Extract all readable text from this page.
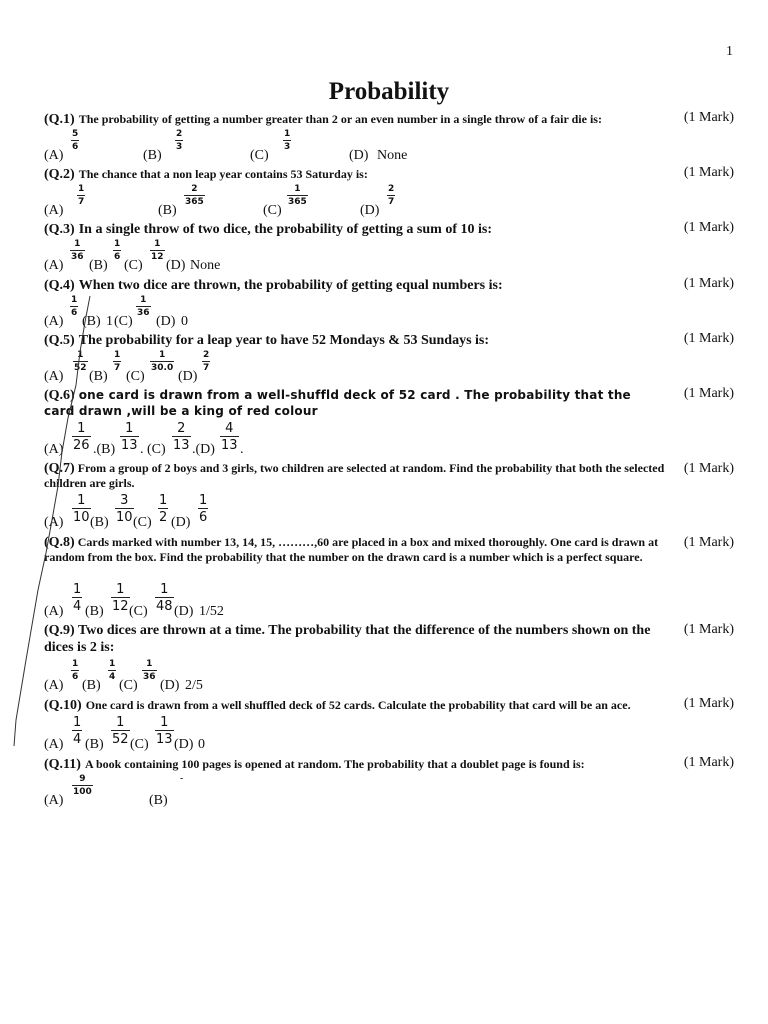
1
Probability
(Q.1) The probability of getting a number greater than 2 or an even number in a single throw of a fair die is:	(1 Mark)
(A)
5
6
(B)
2
3
(C)
1
3
(D) None
(Q.2) The chance that a non leap year contains 53 Saturday is:	(1 Mark)
(A)
1
7
(B)
2
365
(C)
1
365
(D)
2
7
(Q.3) In a single throw of two dice, the probability of getting a sum of 10 is:	(1 Mark)
(A)
1
36
(B)
1
6
(C)
1
12
(D) None
(Q.4) When two dice are thrown, the probability of getting equal numbers is:	(1 Mark)
(A)
1
6
(B) 1 (C)
1
36
(D) 0
(Q.5) The probability for a leap year to have 52 Mondays & 53 Sundays is:	(1 Mark)
(A)
1
52
(B)
1
7
(C)
1
30.0
(D)
2
7
(Q.6) one card is drawn from a well-shuffld deck of 52 card . The probability that the
card drawn ,will be a king of red colour
(1 Mark)
(A)
1
26 .(B)
1
13 . (C)
2
13 .(D)
4
13 .
(Q.7) From a group of 2 boys and 3 girls, two children are selected at random. Find the probability that both the selected children are girls.
(1 Mark)
(A)
1
10 (B)
3
10 (C)
1
2 (D)
1
6
(Q.8) Cards marked with number 13, 14, 15, ………,60 are placed in a box and mixed thoroughly. One card is drawn at random from the box. Find the probability that the number on the drawn card is a number which is a perfect square.
(1 Mark)
(A)
1
4 (B)
1
12 (C)
1
48 (D) 1/52
(Q.9) Two dices are thrown at a time. The probability that the difference of the numbers shown on the dices is 2 is:
(1 Mark)
(A)
1
6
(B)
1
4
(C)
1
36
(D) 2/5
(Q.10) One card is drawn from a well shuffled deck of 52 cards. Calculate the probability that card will be an ace.	(1 Mark)
(A)
1
4 (B)
1
52 (C)
1
13 (D) 0
(Q.11) A book containing 100 pages is opened at random. The probability that a doublet page is found is:	(1 Mark)
(A)
9
100
(B)
-
